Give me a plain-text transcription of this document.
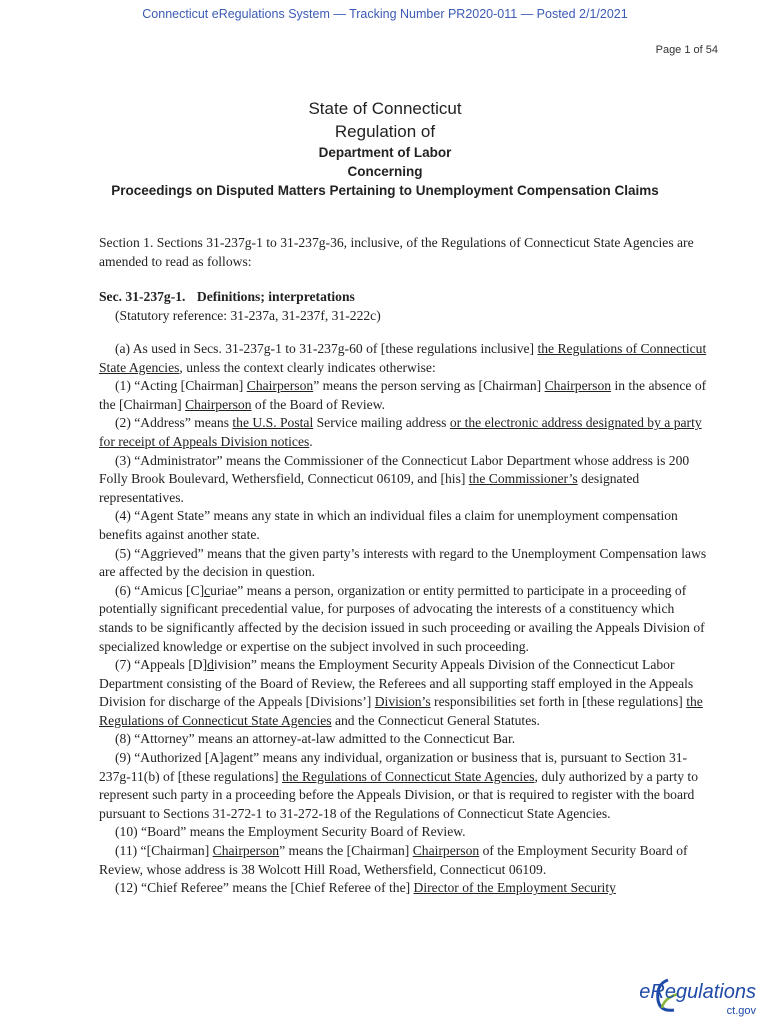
Connecticut eRegulations System — Tracking Number PR2020-011 — Posted 2/1/2021
Page 1 of 54
State of Connecticut
Regulation of
Department of Labor
Concerning
Proceedings on Disputed Matters Pertaining to Unemployment Compensation Claims
Section 1. Sections 31-237g-1 to 31-237g-36, inclusive, of the Regulations of Connecticut State Agencies are amended to read as follows:
Sec. 31-237g-1. Definitions; interpretations
(Statutory reference: 31-237a, 31-237f, 31-222c)

(a) As used in Secs. 31-237g-1 to 31-237g-60 of [these regulations inclusive] the Regulations of Connecticut State Agencies, unless the context clearly indicates otherwise:

(1) “Acting [Chairman] Chairperson” means the person serving as [Chairman] Chairperson in the absence of the [Chairman] Chairperson of the Board of Review.

(2) “Address” means the U.S. Postal Service mailing address or the electronic address designated by a party for receipt of Appeals Division notices.

(3) “Administrator” means the Commissioner of the Connecticut Labor Department whose address is 200 Folly Brook Boulevard, Wethersfield, Connecticut 06109, and [his] the Commissioner’s designated representatives.

(4) “Agent State” means any state in which an individual files a claim for unemployment compensation benefits against another state.

(5) “Aggrieved” means that the given party’s interests with regard to the Unemployment Compensation laws are affected by the decision in question.

(6) “Amicus [C]curiae” means a person, organization or entity permitted to participate in a proceeding of potentially significant precedential value, for purposes of advocating the interests of a constituency which stands to be significantly affected by the decision issued in such proceeding or availing the Appeals Division of specialized knowledge or expertise on the subject involved in such proceeding.

(7) “Appeals [D]division” means the Employment Security Appeals Division of the Connecticut Labor Department consisting of the Board of Review, the Referees and all supporting staff employed in the Appeals Division for discharge of the Appeals [Divisions’] Division’s responsibilities set forth in [these regulations] the Regulations of Connecticut State Agencies and the Connecticut General Statutes.

(8) “Attorney” means an attorney-at-law admitted to the Connecticut Bar.

(9) “Authorized [A]agent” means any individual, organization or business that is, pursuant to Section 31-237g-11(b) of [these regulations] the Regulations of Connecticut State Agencies, duly authorized by a party to represent such party in a proceeding before the Appeals Division, or that is required to register with the board pursuant to Sections 31-272-1 to 31-272-18 of the Regulations of Connecticut State Agencies.

(10) “Board” means the Employment Security Board of Review.

(11) “[Chairman] Chairperson” means the [Chairman] Chairperson of the Employment Security Board of Review, whose address is 38 Wolcott Hill Road, Wethersfield, Connecticut 06109.

(12) “Chief Referee” means the [Chief Referee of the] Director of the Employment Security

eRegulations
ct.gov
